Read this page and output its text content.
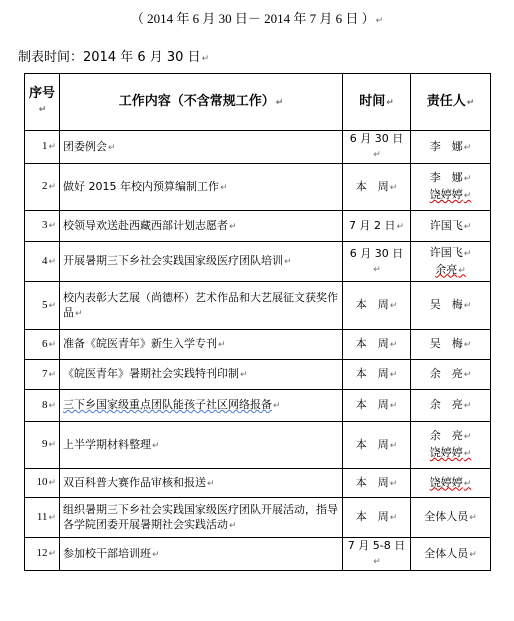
（ 2014 年 6 月 30 日－ 2014 年 7 月 6 日 ）↵
制表时间：2014 年 6 月 30 日↵
序号↵	工作内容（不含常规工作）↵	时间↵	责任人↵
1↵	团委例会↵	6 月 30 日↵	李　娜↵

2↵	做好 2015 年校内预算编制工作↵	本　周↵	李　娜↵
饶婷婷↵

3↵	校领导欢送赴西藏西部计划志愿者↵	7 月 2 日↵	许国飞↵

4↵	开展暑期三下乡社会实践国家级医疗团队培训↵	6 月 30 日↵	许国飞↵
余亮↵

5↵	校内表彰大艺展（尚德杯）艺术作品和大艺展征文获奖作品↵	本　周↵	吴　梅↵

6↵	准备《皖医青年》新生入学专刊↵	本　周↵	吴　梅↵

7↵	《皖医青年》暑期社会实践特刊印制↵	本　周↵	余　亮↵

8↵	三下乡国家级重点团队能孩子社区网络报备↵	本　周↵	余　亮↵

9↵	上半学期材料整理↵	本　周↵	余　亮↵
饶婷婷↵

10↵	双百科普大赛作品审核和报送↵	本　周↵	饶婷婷↵

11↵	组织暑期三下乡社会实践国家级医疗团队开展活动，指导各学院团委开展暑期社会实践活动↵	本　周↵	全体人员↵

12↵	参加校干部培训班↵	7 月 5-8 日↵	全体人员↵
